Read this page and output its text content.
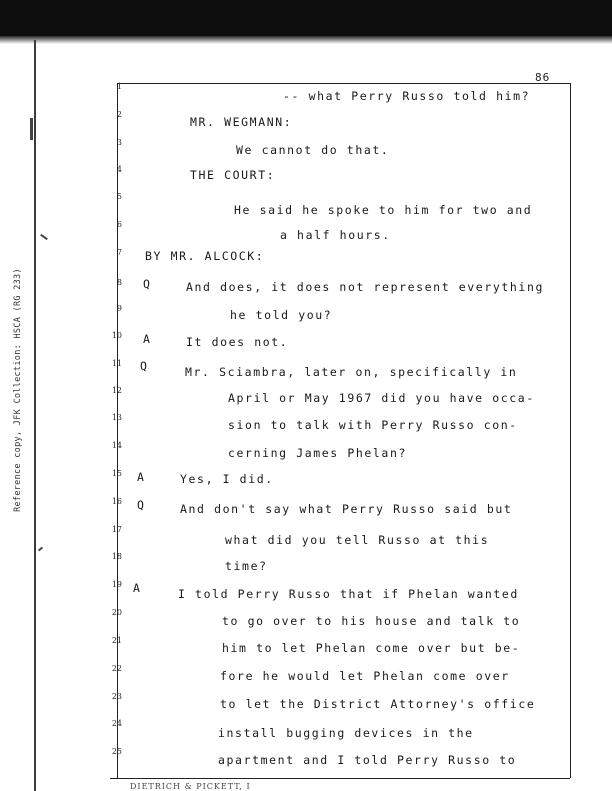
Reference copy, JFK Collection: HSCA (RG 233)
86
1
2
3
4
5
6
7
8
9
10
11
12
13
14
15
16
17
18
19
20
21
22
23
24
25
-- what Perry Russo told him?
MR. WEGMANN:
We cannot do that.
THE COURT:
He said he spoke to him for two and
a half hours.
BY MR. ALCOCK:
Q	And does, it does not represent everything
he told you?
A	It does not.
Q	Mr. Sciambra, later on, specifically in
April or May 1967 did you have occa-
sion to talk with Perry Russo con-
cerning James Phelan?
A	Yes, I did.
Q	And don't say what Perry Russo said but
what did you tell Russo at this
time?
A	I told Perry Russo that if Phelan wanted
to go over to his house and talk to
him to let Phelan come over but be-
fore he would let Phelan come over
to let the District Attorney's office
install bugging devices in the
apartment and I told Perry Russo to
DIETRICH & PICKETT, I
